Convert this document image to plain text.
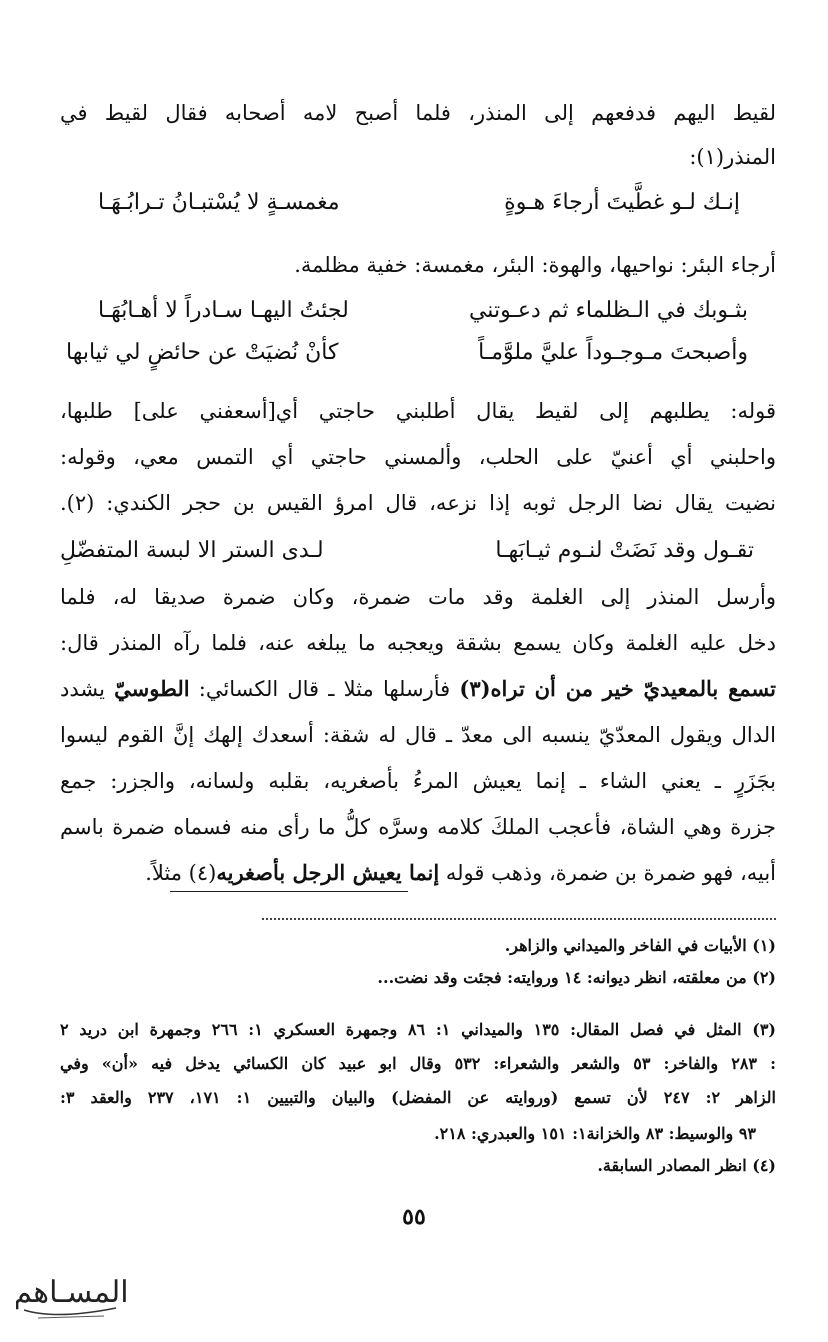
لقيط اليهم فدفعهم إلى المنذر، فلما أصبح لامه أصحابه فقال لقيط في
المنذر(١):
إنـك لـو غطَّيتَ أرجاءَ هـوةٍ
مغمسـةٍ لا يُسْتبـانُ تـرابُـهَـا
أرجاء البئر: نواحيها، والهوة: البئر، مغمسة: خفية مظلمة.
بثـوبك في الـظلماء ثم دعـوتني
لجئتُ اليهـا سـادراً لا أهـابُهَـا
وأصبحتَ مـوجـوداً عليَّ ملوَّمـاً
كأنْ نُضيَتْ عن حائضٍ لي ثيابها
قوله: يطلبهم إلى لقيط يقال أطلبني حاجتي أي[أسعفني على] طلبها،
واحلبني أي أعنيّ على الحلب، وألمسني حاجتي أي التمس معي، وقوله:
نضيت يقال نضا الرجل ثوبه إذا نزعه، قال امرؤ القيس بن حجر الكندي: (٢).
تقـول وقد نَضَتْ لنـوم ثيـابَهـا
لـدى الستر الا لبسة المتفضّلِ
وأرسل المنذر إلى الغلمة وقد مات ضمرة، وكان ضمرة صديقا له، فلما
دخل عليه الغلمة وكان يسمع بشقة ويعجبه ما يبلغه عنه، فلما رآه المنذر قال:
تسمع بالمعيديّ خير من أن تراه(٣) فأرسلها مثلا ـ قال الكسائي: الطوسيّ يشدد
الدال ويقول المعدّيّ ينسبه الى معدّ ـ قال له شقة: أسعدك إلهك إنَّ القوم ليسوا
بجَزَرٍ ـ يعني الشاء ـ إنما يعيش المرءُ بأصغريه، بقلبه ولسانه، والجزر: جمع
جزرة وهي الشاة، فأعجب الملكَ كلامه وسرَّه كلُّ ما رأى منه فسماه ضمرة باسم
أبيه، فهو ضمرة بن ضمرة، وذهب قوله إنما يعيش الرجل بأصغريه(٤) مثلاً.
(١) الأبيات في الفاخر والميداني والزاهر.
(٢) من معلقته، انظر ديوانه: ١٤ وروايته: فجئت وقد نضت...
(٣) المثل في فصل المقال: ١٣٥ والميداني ١: ٨٦ وجمهرة العسكري ١: ٢٦٦ وجمهرة ابن دريد ٢
: ٢٨٣ والفاخر: ٥٣ والشعر والشعراء: ٥٣٢ وقال ابو عبيد كان الكسائي يدخل فيه «أن» وفي
الزاهر ٢: ٢٤٧ لأن تسمع (وروايته عن المفضل) والبيان والتبيين ١: ١٧١، ٢٣٧ والعقد ٣:
٩٣ والوسيط: ٨٣ والخزانة١: ١٥١ والعبدري: ٢١٨.
(٤) انظر المصادر السابقة.
٥٥
المسـاهم
